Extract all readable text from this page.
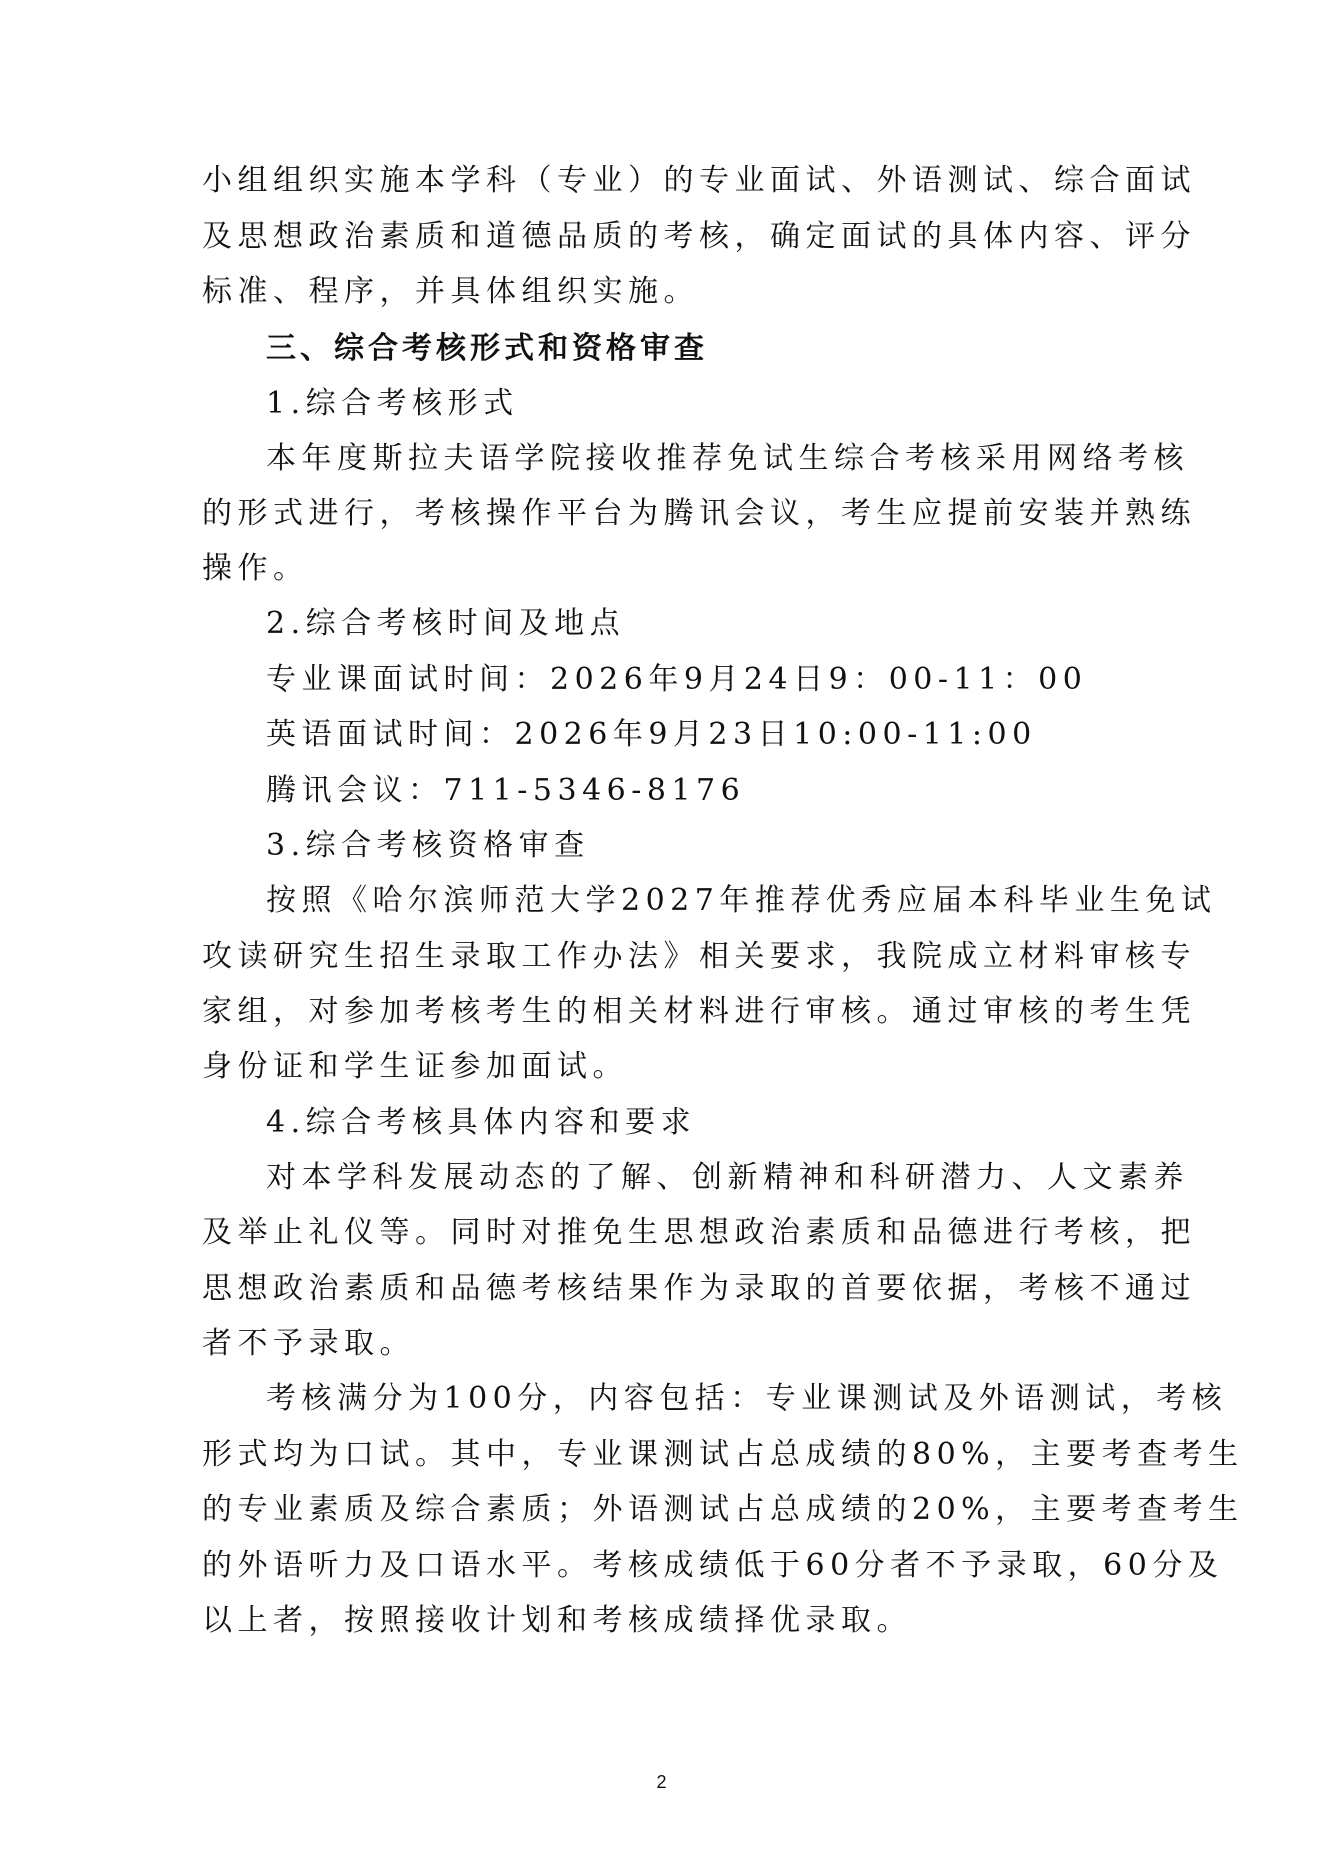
小组组织实施本学科（专业）的专业面试、外语测试、综合面试
及思想政治素质和道德品质的考核，确定面试的具体内容、评分
标准、程序，并具体组织实施。
三、综合考核形式和资格审查
1.综合考核形式
本年度斯拉夫语学院接收推荐免试生综合考核采用网络考核
的形式进行，考核操作平台为腾讯会议，考生应提前安装并熟练
操作。
2.综合考核时间及地点
专业课面试时间：2026年9月24日9：00-11：00
英语面试时间：2026年9月23日10:00-11:00
腾讯会议：711-5346-8176
3.综合考核资格审查
按照《哈尔滨师范大学2027年推荐优秀应届本科毕业生免试
攻读研究生招生录取工作办法》相关要求，我院成立材料审核专
家组，对参加考核考生的相关材料进行审核。通过审核的考生凭
身份证和学生证参加面试。
4.综合考核具体内容和要求
对本学科发展动态的了解、创新精神和科研潜力、人文素养
及举止礼仪等。同时对推免生思想政治素质和品德进行考核，把
思想政治素质和品德考核结果作为录取的首要依据，考核不通过
者不予录取。
考核满分为100分，内容包括：专业课测试及外语测试，考核
形式均为口试。其中，专业课测试占总成绩的80%，主要考查考生
的专业素质及综合素质；外语测试占总成绩的20%，主要考查考生
的外语听力及口语水平。考核成绩低于60分者不予录取，60分及
以上者，按照接收计划和考核成绩择优录取。
2
